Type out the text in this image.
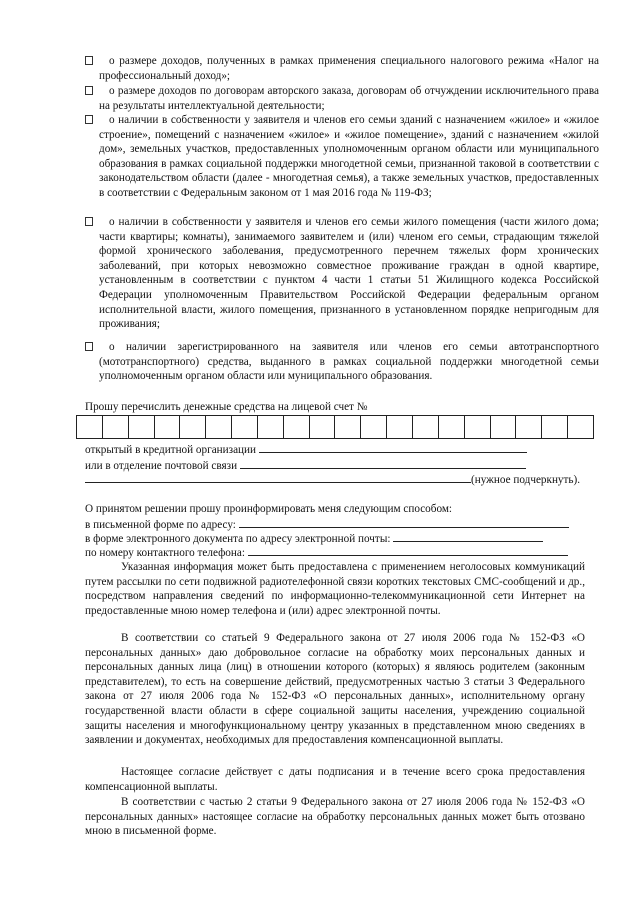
о размере доходов, полученных в рамках применения специального налогового режима «Налог на профессиональный доход»;

о размере доходов по договорам авторского заказа, договорам об отчуждении исключительного права на результаты интеллектуальной деятельности;

о наличии в собственности у заявителя и членов его семьи зданий с назначением «жилое» и «жилое строение», помещений с назначением «жилое» и «жилое помещение», зданий с назначением «жилой дом», земельных участков, предоставленных уполномоченным органом области или муниципального образования в рамках социальной поддержки многодетной семьи, признанной таковой в соответствии с законодательством области (далее - многодетная семья), а также земельных участков, предоставленных в соответствии с Федеральным законом от 1 мая 2016 года № 119-ФЗ;

о наличии в собственности у заявителя и членов его семьи жилого помещения (части жилого дома; части квартиры; комнаты), занимаемого заявителем и (или) членом его семьи, страдающим тяжелой формой хронического заболевания, предусмотренного перечнем тяжелых форм хронических заболеваний, при которых невозможно совместное проживание граждан в одной квартире, установленным в соответствии с пунктом 4 части 1 статьи 51 Жилищного кодекса Российской Федерации уполномоченным Правительством Российской Федерации федеральным органом исполнительной власти, жилого помещения, признанного в установленном порядке непригодным для проживания;

о наличии зарегистрированного на заявителя или членов его семьи автотранспортного (мототранспортного) средства, выданного в рамках социальной поддержки многодетной семьи уполномоченным органом области или муниципального образования.

Прошу перечислить денежные средства на лицевой счет №

открытый в кредитной организации

или в отделение почтовой связи

(нужное подчеркнуть).

О принятом решении прошу проинформировать меня следующим способом:

в письменной форме по адресу:

в форме электронного документа по адресу электронной почты:

по номеру контактного телефона:

Указанная информация может быть предоставлена с применением неголосовых коммуникаций путем рассылки по сети подвижной радиотелефонной связи коротких текстовых СМС-сообщений и др., посредством направления сведений по информационно-телекоммуникационной сети Интернет на предоставленные мною номер телефона и (или) адрес электронной почты.

В соответствии со статьей 9 Федерального закона от 27 июля 2006 года № 152-ФЗ «О персональных данных» даю добровольное согласие на обработку моих персональных данных и персональных данных лица (лиц) в отношении которого (которых) я являюсь родителем (законным представителем), то есть на совершение действий, предусмотренных частью 3 статьи 3 Федерального закона от 27 июля 2006 года № 152-ФЗ «О персональных данных», исполнительному органу государственной власти области в сфере социальной защиты населения, учреждению социальной защиты населения и многофункциональному центру указанных в представленном мною сведениях в заявлении и документах, необходимых для предоставления компенсационной выплаты.

Настоящее согласие действует с даты подписания и в течение всего срока предоставления компенсационной выплаты.

В соответствии с частью 2 статьи 9 Федерального закона от 27 июля 2006 года № 152-ФЗ «О персональных данных» настоящее согласие на обработку персональных данных может быть отозвано мною в письменной форме.
